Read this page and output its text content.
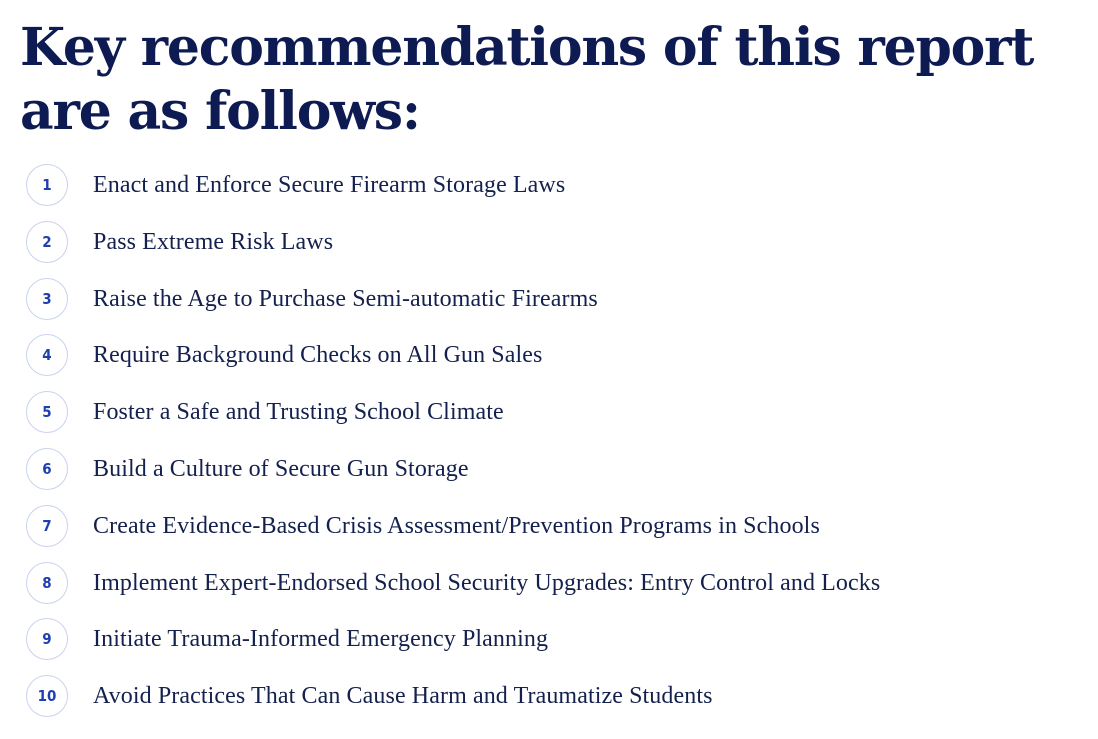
Key recommendations of this report
are as follows:
1	Enact and Enforce Secure Firearm Storage Laws
2	Pass Extreme Risk Laws
3	Raise the Age to Purchase Semi-automatic Firearms
4	Require Background Checks on All Gun Sales
5	Foster a Safe and Trusting School Climate
6	Build a Culture of Secure Gun Storage
7	Create Evidence-Based Crisis Assessment/Prevention Programs in Schools
8	Implement Expert-Endorsed School Security Upgrades: Entry Control and Locks
9	Initiate Trauma-Informed Emergency Planning
10	Avoid Practices That Can Cause Harm and Traumatize Students
